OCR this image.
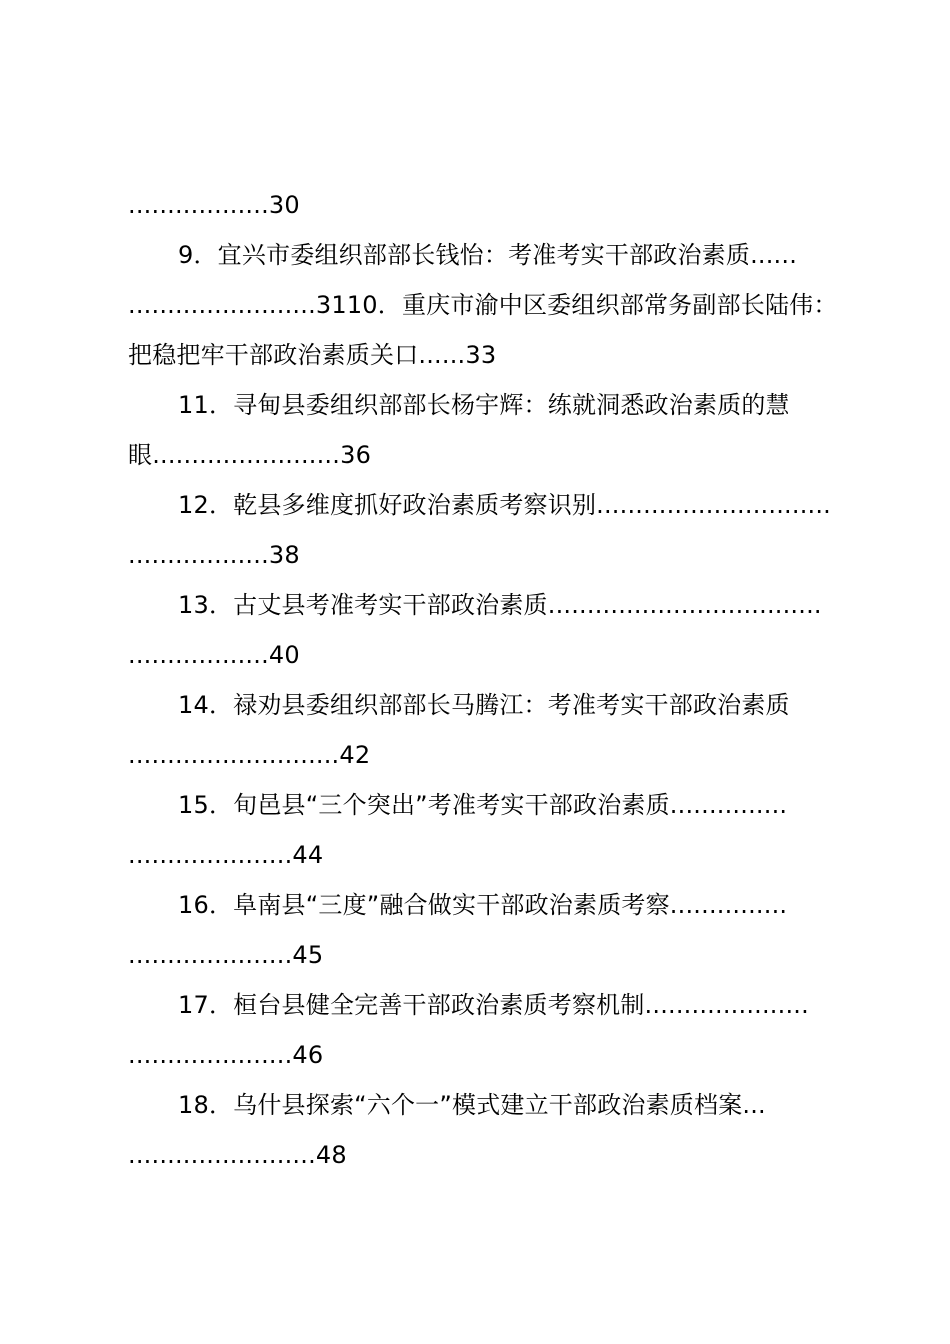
..................30
9．宜兴市委组织部部长钱怡：考准考实干部政治素质......
........................3110．重庆市渝中区委组织部常务副部长陆伟：
把稳把牢干部政治素质关口......33
11．寻甸县委组织部部长杨宇辉：练就洞悉政治素质的慧
眼........................36
12．乾县多维度抓好政治素质考察识别..............................
..................38
13．古丈县考准考实干部政治素质...................................
..................40
14．禄劝县委组织部部长马腾江：考准考实干部政治素质
...........................42
15．旬邑县“三个突出”考准考实干部政治素质...............
.....................44
16．阜南县“三度”融合做实干部政治素质考察...............
.....................45
17．桓台县健全完善干部政治素质考察机制.....................
.....................46
18．乌什县探索“六个一”模式建立干部政治素质档案...
........................48
